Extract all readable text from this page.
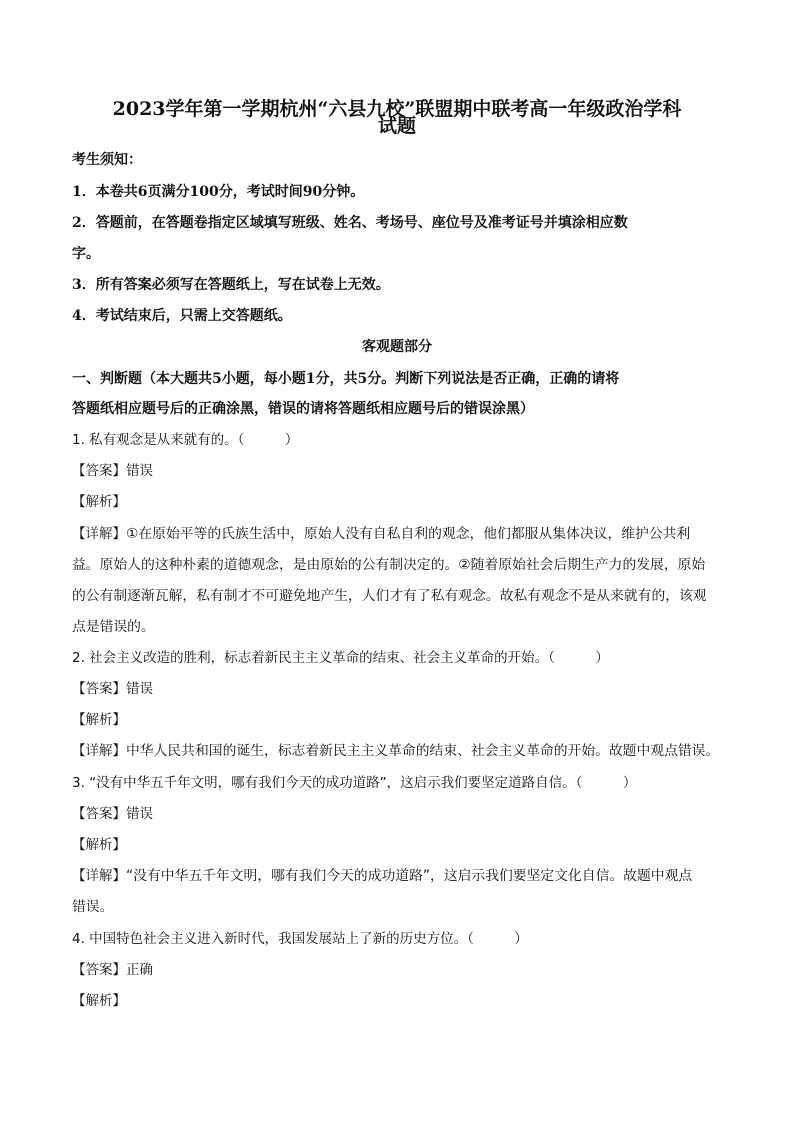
2023学年第一学期杭州“六县九校”联盟期中联考高一年级政治学科
试题
考生须知：
1．本卷共6页满分100分，考试时间90分钟。
2．答题前，在答题卷指定区域填写班级、姓名、考场号、座位号及准考证号并填涂相应数
字。
3．所有答案必须写在答题纸上，写在试卷上无效。
4．考试结束后，只需上交答题纸。
客观题部分
一、判断题（本大题共5小题，每小题1分，共5分。判断下列说法是否正确，正确的请将
答题纸相应题号后的正确涂黑，错误的请将答题纸相应题号后的错误涂黑）
1. 私有观念是从来就有的。（　　　）
【答案】错误
【解析】
【详解】①在原始平等的氏族生活中，原始人没有自私自利的观念，他们都服从集体决议，维护公共利
益。原始人的这种朴素的道德观念，是由原始的公有制决定的。②随着原始社会后期生产力的发展，原始
的公有制逐渐瓦解，私有制才不可避免地产生，人们才有了私有观念。故私有观念不是从来就有的，该观
点是错误的。
2. 社会主义改造的胜利，标志着新民主主义革命的结束、社会主义革命的开始。（　　　）
【答案】错误
【解析】
【详解】中华人民共和国的诞生，标志着新民主主义革命的结束、社会主义革命的开始。故题中观点错误。
3. “没有中华五千年文明，哪有我们今天的成功道路”，这启示我们要坚定道路自信。（　　　）
【答案】错误
【解析】
【详解】“没有中华五千年文明，哪有我们今天的成功道路”，这启示我们要坚定文化自信。故题中观点
错误。
4. 中国特色社会主义进入新时代，我国发展站上了新的历史方位。（　　　）
【答案】正确
【解析】
